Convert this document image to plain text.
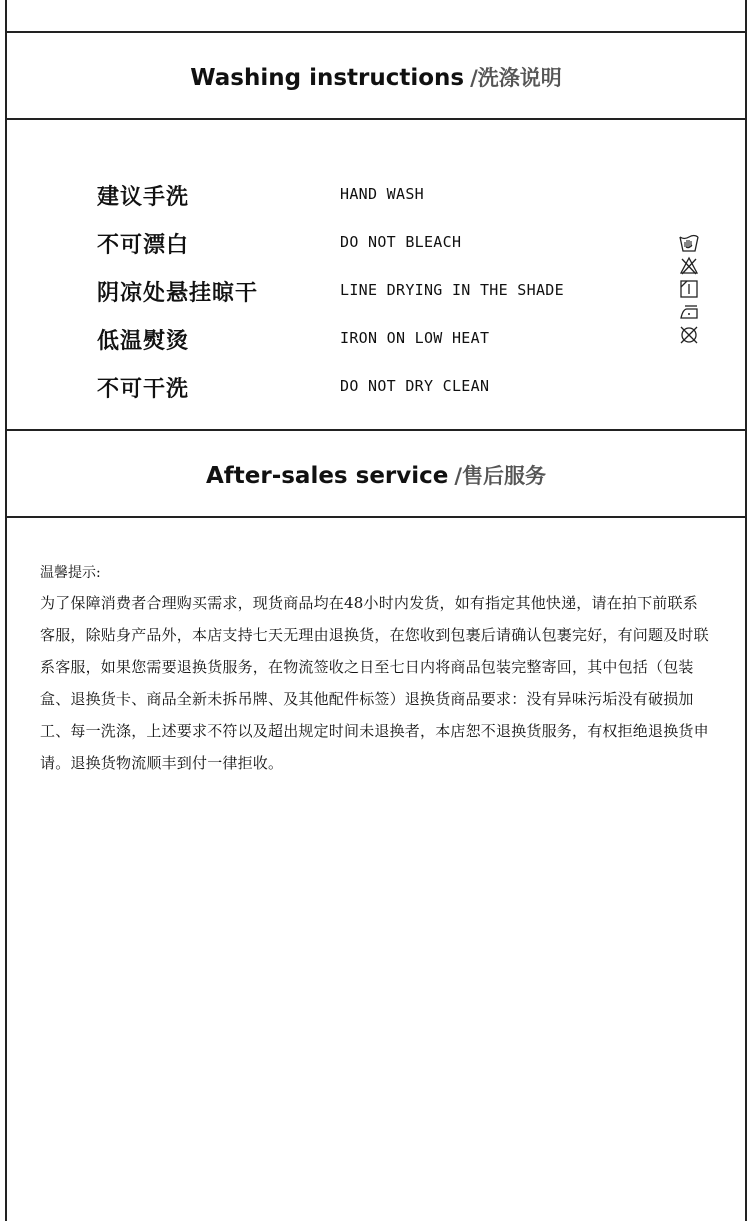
Washing instructions /洗涤说明
建议手洗	HAND WASH
不可漂白	DO NOT BLEACH
阴凉处悬挂晾干	LINE DRYING IN THE SHADE
低温熨烫	IRON ON LOW HEAT
不可干洗	DO NOT DRY CLEAN
After-sales service /售后服务
温馨提示:
为了保障消费者合理购买需求，现货商品均在48小时内发货，如有指定其他快递，请在拍下前联系客服，除贴身产品外，本店支持七天无理由退换货，在您收到包裹后请确认包裹完好，有问题及时联系客服，如果您需要退换货服务，在物流签收之日至七日内将商品包装完整寄回，其中包括（包装盒、退换货卡、商品全新未拆吊牌、及其他配件标签）退换货商品要求：没有异味污垢没有破损加工、每一洗涤，上述要求不符以及超出规定时间未退换者，本店恕不退换货服务，有权拒绝退换货申请。退换货物流顺丰到付一律拒收。
